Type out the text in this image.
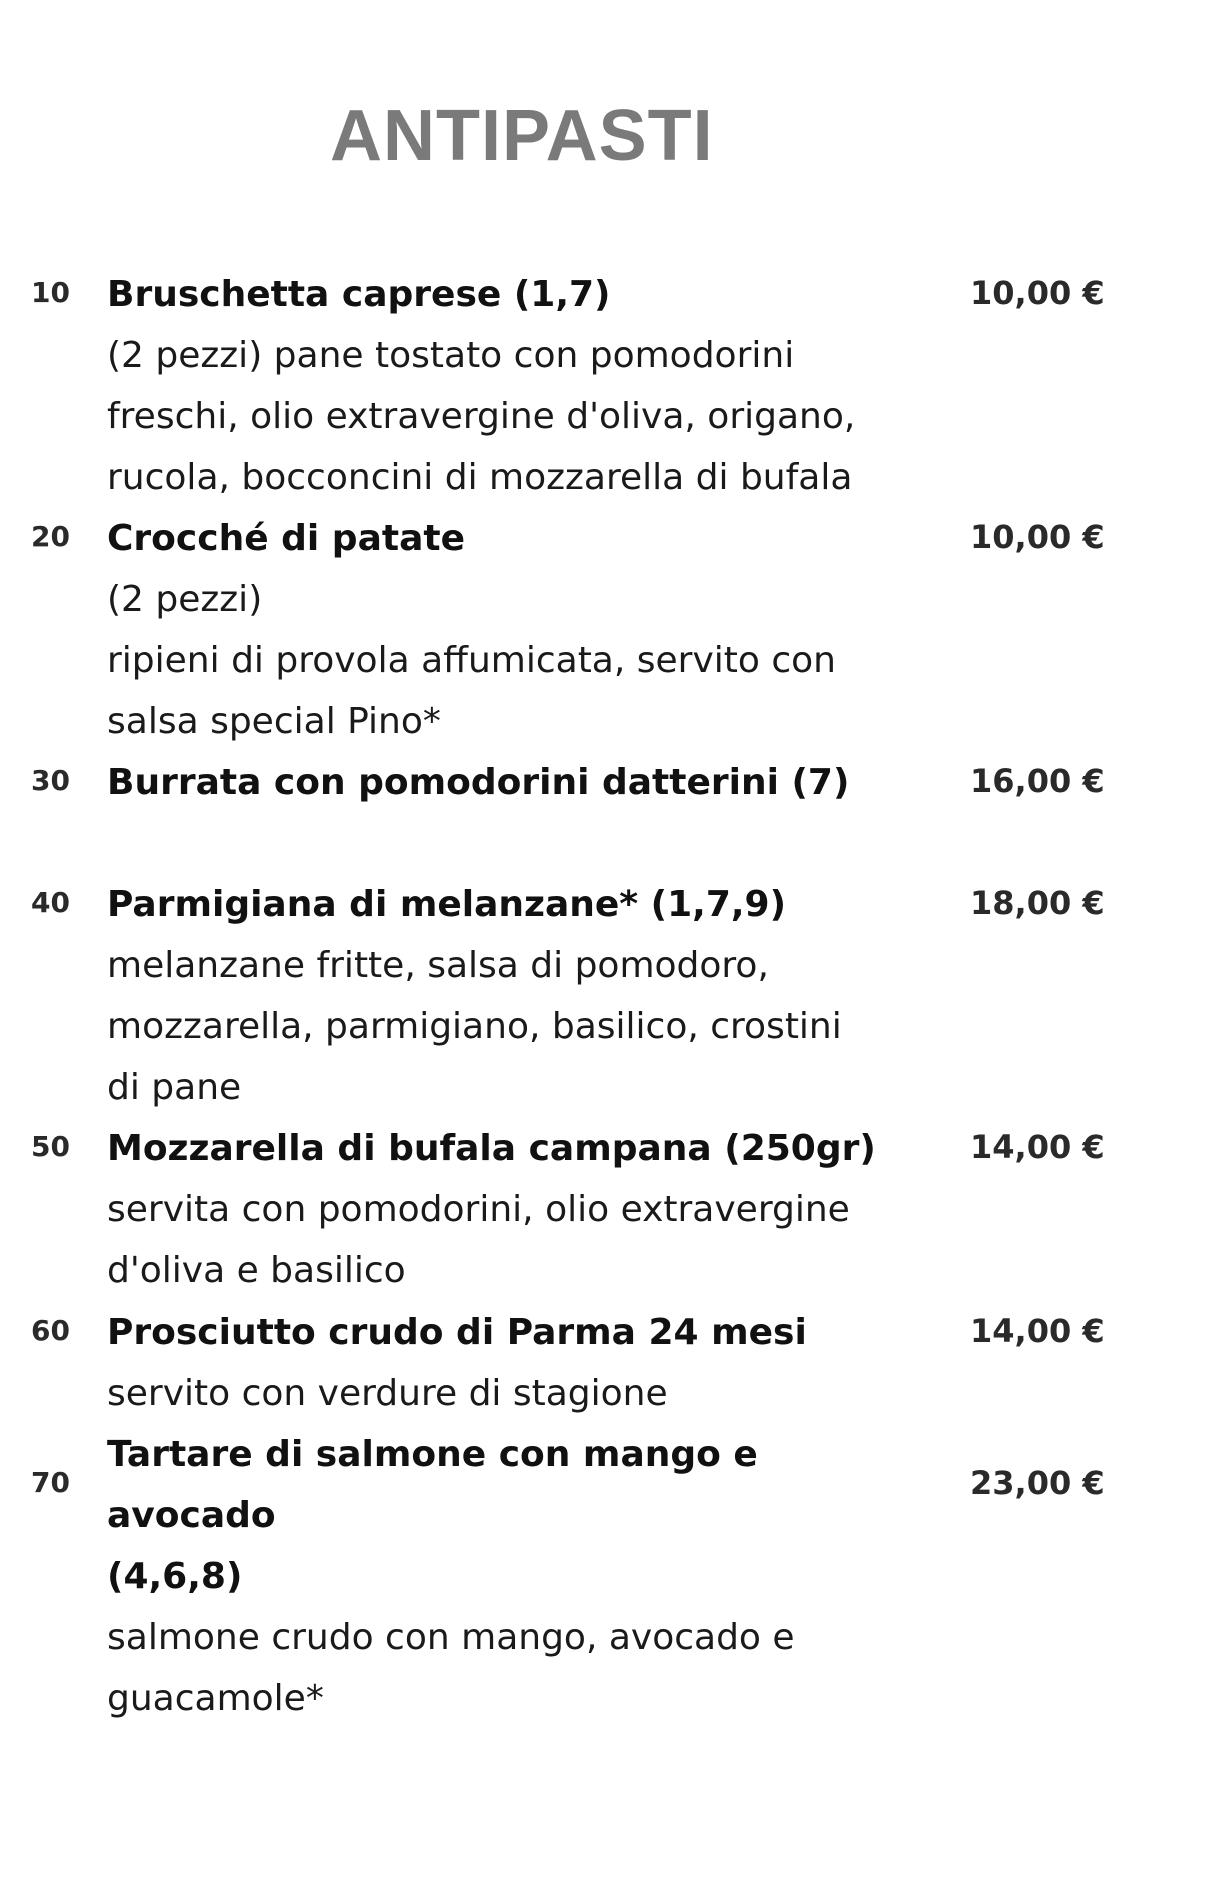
ANTIPASTI
10 Bruschetta caprese (1,7)
(2 pezzi) pane tostato con pomodorini
freschi, olio extravergine d'oliva, origano,
rucola, bocconcini di mozzarella di bufala
10,00 €
20 Crocché di patate
(2 pezzi)
ripieni di provola affumicata, servito con
salsa special Pino*
10,00 €
30 Burrata con pomodorini datterini (7)	16,00 €
40 Parmigiana di melanzane* (1,7,9)
melanzane fritte, salsa di pomodoro,
mozzarella, parmigiano, basilico, crostini
di pane
18,00 €
50 Mozzarella di bufala campana (250gr)
servita con pomodorini, olio extravergine
d'oliva e basilico
14,00 €
60 Prosciutto crudo di Parma 24 mesi
servito con verdure di stagione
14,00 €
70
Tartare di salmone con mango e avocado
(4,6,8)
salmone crudo con mango, avocado e
guacamole*
23,00 €
